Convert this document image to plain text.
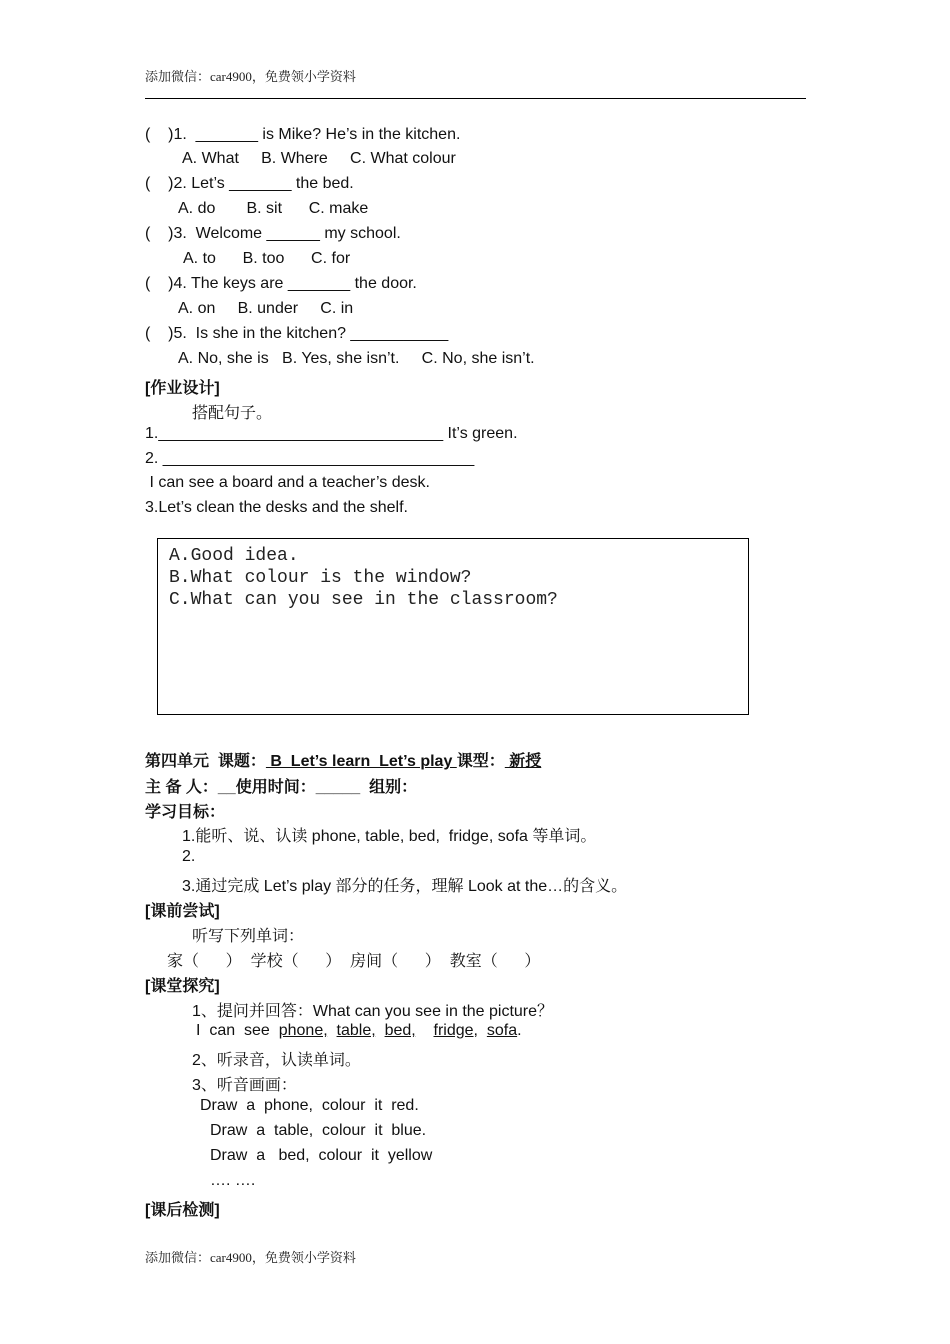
添加微信：car4900，免费领小学资料
(    )1.  _______ is Mike? He’s in the kitchen.
A. What     B. Where     C. What colour
(    )2. Let’s _______ the bed.
A. do       B. sit      C. make
(    )3.  Welcome ______ my school.
A. to      B. too      C. for
(    )4. The keys are _______ the door.
A. on     B. under     C. in
(    )5.  Is she in the kitchen? ___________
A. No, she is   B. Yes, she isn’t.     C. No, she isn’t.
[作业设计]
搭配句子。
1.________________________________ It’s green.
2. ___________________________________
I can see a board and a teacher’s desk.
3.Let’s clean the desks and the shelf.
A.Good idea.
B.What colour is the window?
C.What can you see in the classroom?
第四单元  课题： B  Let’s learn  Let’s play 课型： 新授
主 备 人：__使用时间：_____  组别：
学习目标：
1.能听、说、认读 phone, table, bed,  fridge, sofa 等单词。
2.
3.通过完成 Let’s play 部分的任务，理解 Look at the…的含义。
[课前尝试]
听写下列单词：
家（      ）  学校（      ）  房间（      ）  教室（      ）
[课堂探究]
1、提问并回答：What can you see in the picture？
I  can  see  phone, table, bed, fridge, sofa.
2、听录音，认读单词。
3、听音画画：
Draw  a  phone,  colour  it  red.
Draw  a  table,  colour  it  blue.
Draw  a   bed,  colour  it  yellow
…. ….
[课后检测]
添加微信：car4900，免费领小学资料
